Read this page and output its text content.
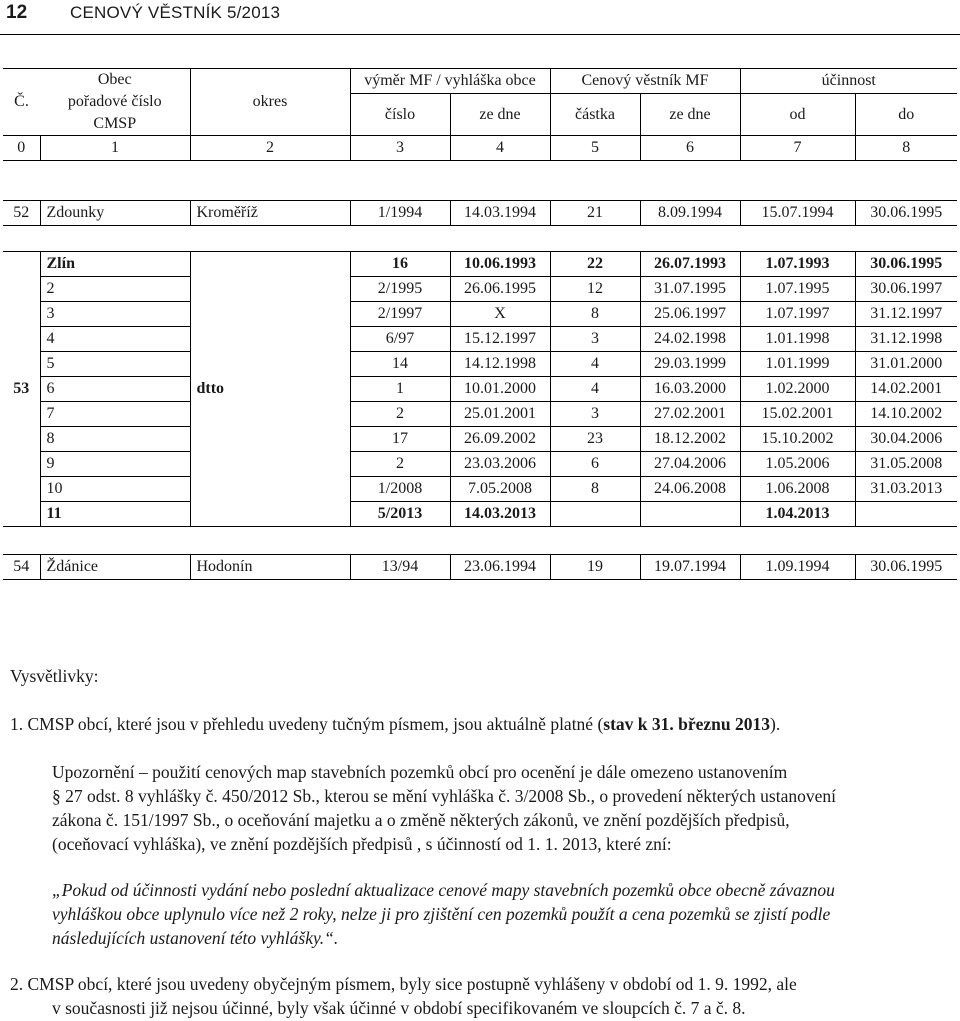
12	CENOVÝ VĚSTNÍK 5/2013
Č.	Obec
pořadové číslo
CMSP	okres	výměr MF / vyhláška obce		Cenový věstník MF		účinnost	
			číslo	ze dne	částka	ze dne	od	do

0	1	2	3	4	5	6	7	8
52	Zdounky	Kroměříž	1/1994	14.03.1994	21	8.09.1994	15.07.1994	30.06.1995
53	Zlín	dtto	16	10.06.1993	22	26.07.1993	1.07.1993	30.06.1995
	2		2/1995	26.06.1995	12	31.07.1995	1.07.1995	30.06.1997
	3		2/1997	X	8	25.06.1997	1.07.1997	31.12.1997
	4		6/97	15.12.1997	3	24.02.1998	1.01.1998	31.12.1998
	5		14	14.12.1998	4	29.03.1999	1.01.1999	31.01.2000
	6		1	10.01.2000	4	16.03.2000	1.02.2000	14.02.2001
	7		2	25.01.2001	3	27.02.2001	15.02.2001	14.10.2002
	8		17	26.09.2002	23	18.12.2002	15.10.2002	30.04.2006
	9		2	23.03.2006	6	27.04.2006	1.05.2006	31.05.2008
	10		1/2008	7.05.2008	8	24.06.2008	1.06.2008	31.03.2013
	11		5/2013	14.03.2013			1.04.2013	
54	Ždánice	Hodonín	13/94	23.06.1994	19	19.07.1994	1.09.1994	30.06.1995
Vysvětlivky:
1. CMSP obcí, které jsou v přehledu uvedeny tučným písmem, jsou aktuálně platné (stav k 31. březnu 2013).

Upozornění – použití cenových map stavebních pozemků obcí pro ocenění je dále omezeno ustanovením

§ 27 odst. 8 vyhlášky č. 450/2012 Sb., kterou se mění vyhláška č. 3/2008 Sb., o provedení některých ustanovení

zákona č. 151/1997 Sb., o oceňování majetku a o změně některých zákonů, ve znění pozdějších předpisů,

(oceňovací vyhláška), ve znění pozdějších předpisů , s účinností od 1. 1. 2013, které zní:

„Pokud od účinnosti vydání nebo poslední aktualizace cenové mapy stavebních pozemků obce obecně závaznou

vyhláškou obce uplynulo více než 2 roky, nelze ji pro zjištění cen pozemků použít a cena pozemků se zjistí podle

následujících ustanovení této vyhlášky.“.

2. CMSP obcí, které jsou uvedeny obyčejným písmem, byly sice postupně vyhlášeny v období od 1. 9. 1992, ale

v současnosti již nejsou účinné, byly však účinné v období specifikovaném ve sloupcích č. 7 a č. 8.
